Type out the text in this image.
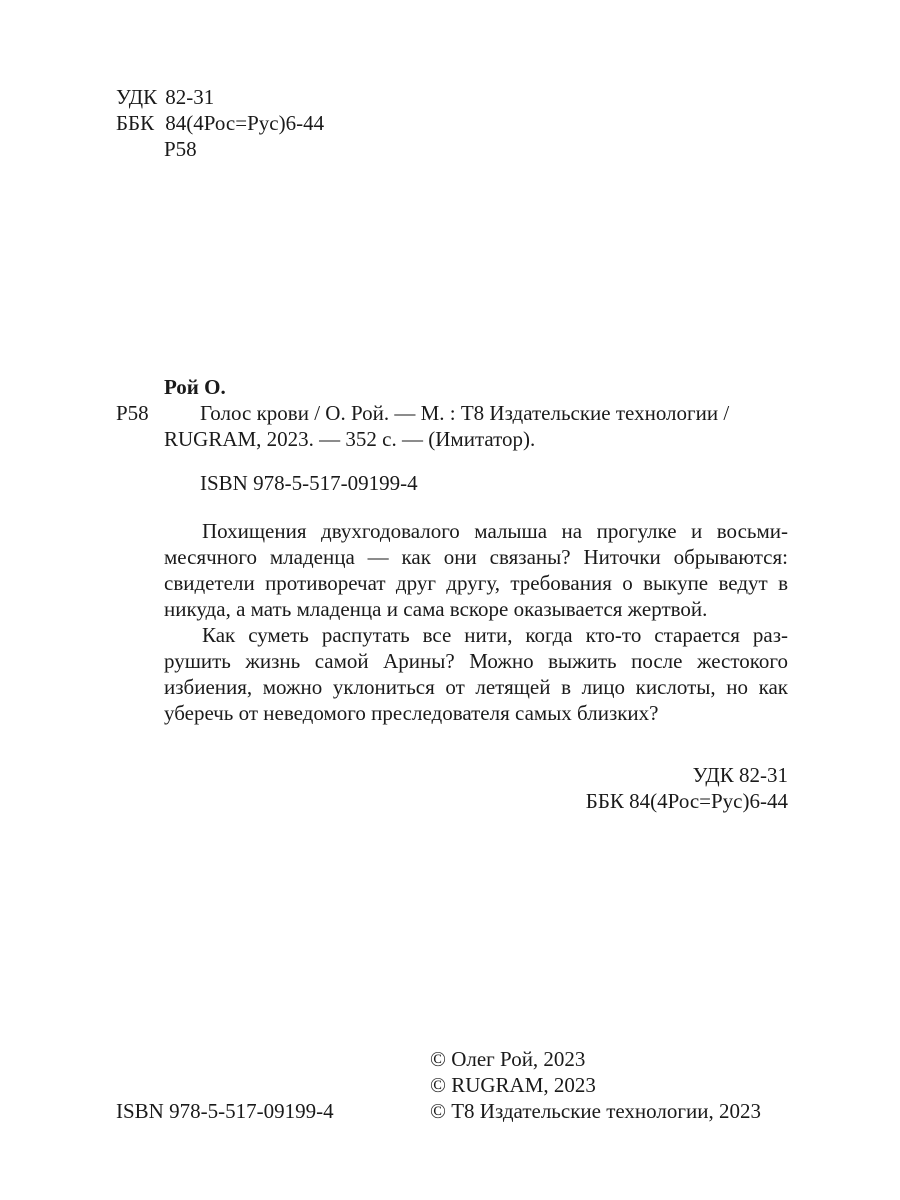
УДК 82-31
ББК 84(4Рос=Рус)6-44
Р58
Рой О.
Р58 Голос крови / О. Рой. — М. : Т8 Издательские технологии /
RUGRAM, 2023. — 352 с. — (Имитатор).
ISBN 978-5-517-09199-4

Похищения двухгодовалого малыша на прогулке и восьми-месячного младенца — как они связаны? Ниточки обрываются: свидетели противоречат друг другу, требования о выкупе ведут в никуда, а мать младенца и сама вскоре оказывается жертвой.

Как суметь распутать все нити, когда кто-то старается раз-рушить жизнь самой Арины? Можно выжить после жестокого избиения, можно уклониться от летящей в лицо кислоты, но как уберечь от неведомого преследователя самых близких?

УДК 82-31
ББК 84(4Рос=Рус)6-44
© Олег Рой, 2023
© RUGRAM, 2023
© Т8 Издательские технологии, 2023
ISBN 978-5-517-09199-4
